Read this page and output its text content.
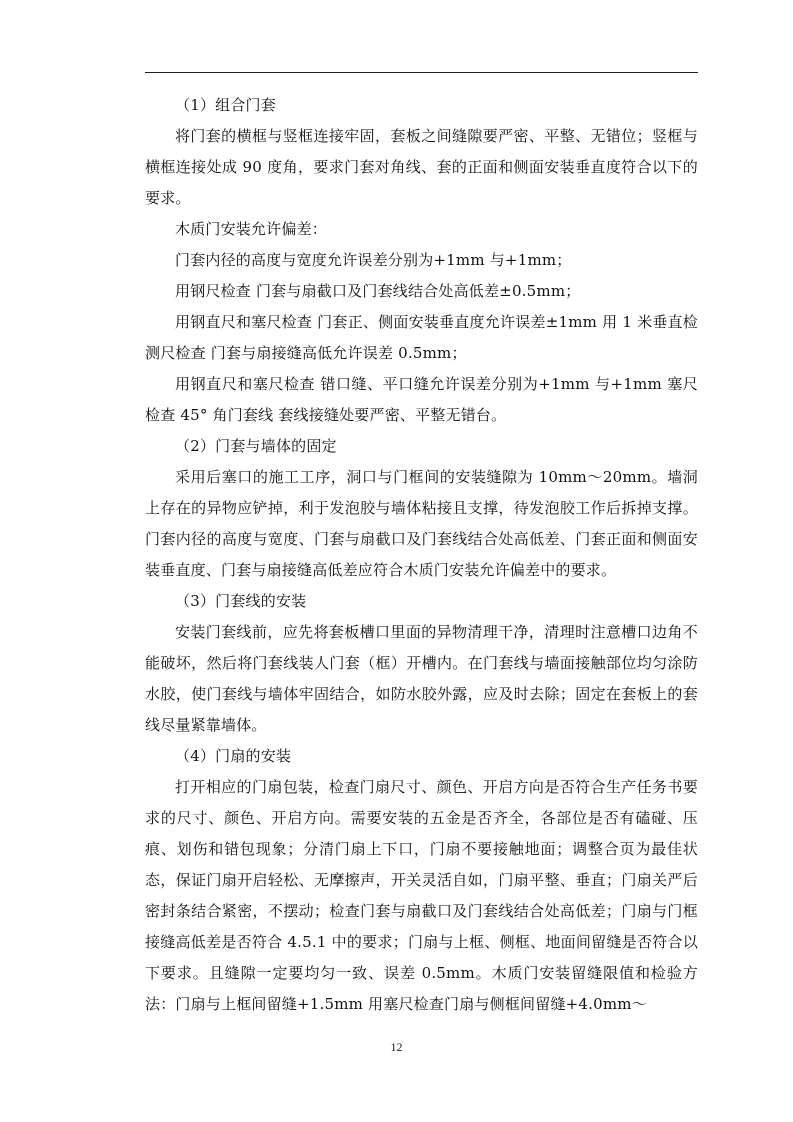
（1）组合门套

将门套的横框与竖框连接牢固，套板之间缝隙要严密、平整、无错位；竖框与横框连接处成 90 度角，要求门套对角线、套的正面和侧面安装垂直度符合以下的要求。

木质门安装允许偏差：

门套内径的高度与宽度允许误差分别为+1mm 与+1mm；

用钢尺检查 门套与扇截口及门套线结合处高低差±0.5mm；

用钢直尺和塞尺检查 门套正、侧面安装垂直度允许误差±1mm 用 1 米垂直检测尺检查 门套与扇接缝高低允许误差 0.5mm；

用钢直尺和塞尺检查 错口缝、平口缝允许误差分别为+1mm 与+1mm 塞尺检查 45° 角门套线 套线接缝处要严密、平整无错台。

（2）门套与墙体的固定

采用后塞口的施工工序，洞口与门框间的安装缝隙为 10mm～20mm。墙洞上存在的异物应铲掉，利于发泡胶与墙体粘接且支撑，待发泡胶工作后拆掉支撑。门套内径的高度与宽度、门套与扇截口及门套线结合处高低差、门套正面和侧面安装垂直度、门套与扇接缝高低差应符合木质门安装允许偏差中的要求。

（3）门套线的安装

安装门套线前，应先将套板槽口里面的异物清理干净，清理时注意槽口边角不能破坏，然后将门套线装人门套（框）开槽内。在门套线与墙面接触部位均匀涂防水胶，使门套线与墙体牢固结合，如防水胶外露，应及时去除；固定在套板上的套线尽量紧靠墙体。

（4）门扇的安装

打开相应的门扇包装，检查门扇尺寸、颜色、开启方向是否符合生产任务书要求的尺寸、颜色、开启方向。需要安装的五金是否齐全，各部位是否有磕碰、压痕、划伤和错包现象；分清门扇上下口，门扇不要接触地面；调整合页为最佳状态，保证门扇开启轻松、无摩擦声，开关灵活自如，门扇平整、垂直；门扇关严后密封条结合紧密，不摆动；检查门套与扇截口及门套线结合处高低差；门扇与门框接缝高低差是否符合 4.5.1 中的要求；门扇与上框、侧框、地面间留缝是否符合以下要求。且缝隙一定要均匀一致、误差 0.5mm。木质门安装留缝限值和检验方法：门扇与上框间留缝+1.5mm 用塞尺检查门扇与侧框间留缝+4.0mm～

12
